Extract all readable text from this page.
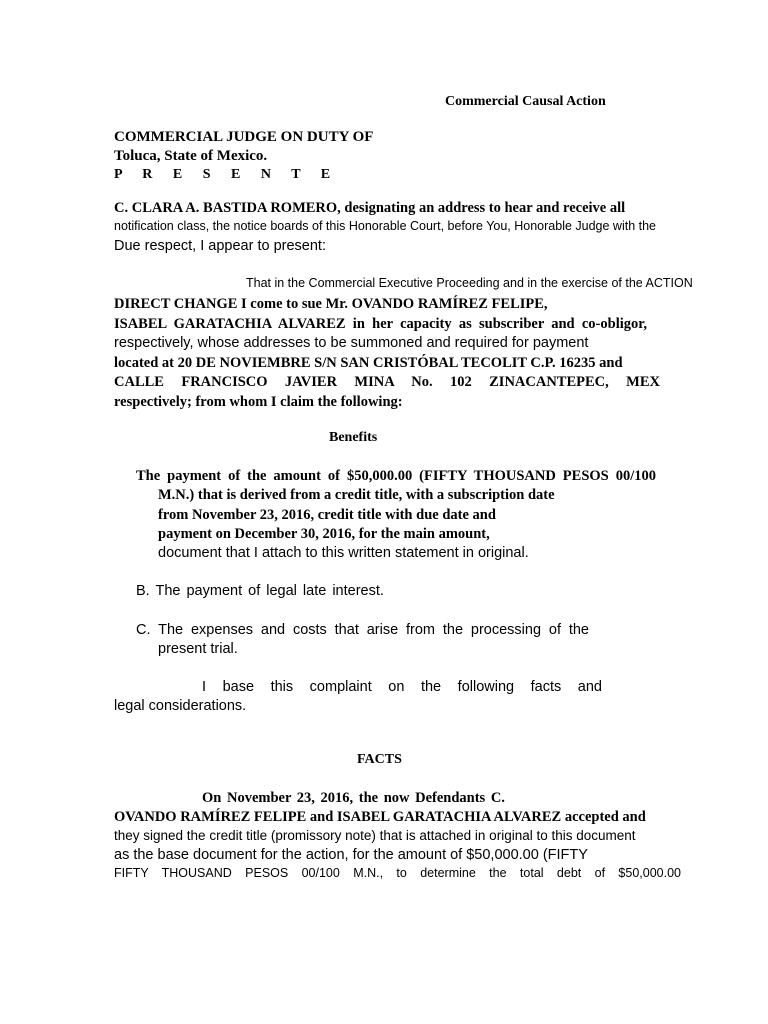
Commercial Causal Action
COMMERCIAL JUDGE ON DUTY OF
Toluca, State of Mexico.
P R E S E N T E
C. CLARA A. BASTIDA ROMERO, designating an address to hear and receive all
notification class, the notice boards of this Honorable Court, before You, Honorable Judge with the
Due respect, I appear to present:
That in the Commercial Executive Proceeding and in the exercise of the ACTION
DIRECT CHANGE I come to sue Mr. OVANDO RAMÍREZ FELIPE,
ISABEL GARATACHIA ALVAREZ in her capacity as subscriber and co-obligor,
respectively, whose addresses to be summoned and required for payment
located at 20 DE NOVIEMBRE S/N SAN CRISTÓBAL TECOLIT C.P. 16235 and
CALLE FRANCISCO JAVIER MINA No. 102 ZINACANTEPEC, MEX
respectively; from whom I claim the following:
Benefits
The payment of the amount of $50,000.00 (FIFTY THOUSAND PESOS 00/100
M.N.) that is derived from a credit title, with a subscription date
from November 23, 2016, credit title with due date and
payment on December 30, 2016, for the main amount,
document that I attach to this written statement in original.
B. The payment of legal late interest.
C. The expenses and costs that arise from the processing of the
present trial.
I base this complaint on the following facts and
legal considerations.
FACTS
On November 23, 2016, the now Defendants C.
OVANDO RAMÍREZ FELIPE and ISABEL GARATACHIA ALVAREZ accepted and
they signed the credit title (promissory note) that is attached in original to this document
as the base document for the action, for the amount of $50,000.00 (FIFTY
FIFTY THOUSAND PESOS 00/100 M.N., to determine the total debt of $50,000.00
